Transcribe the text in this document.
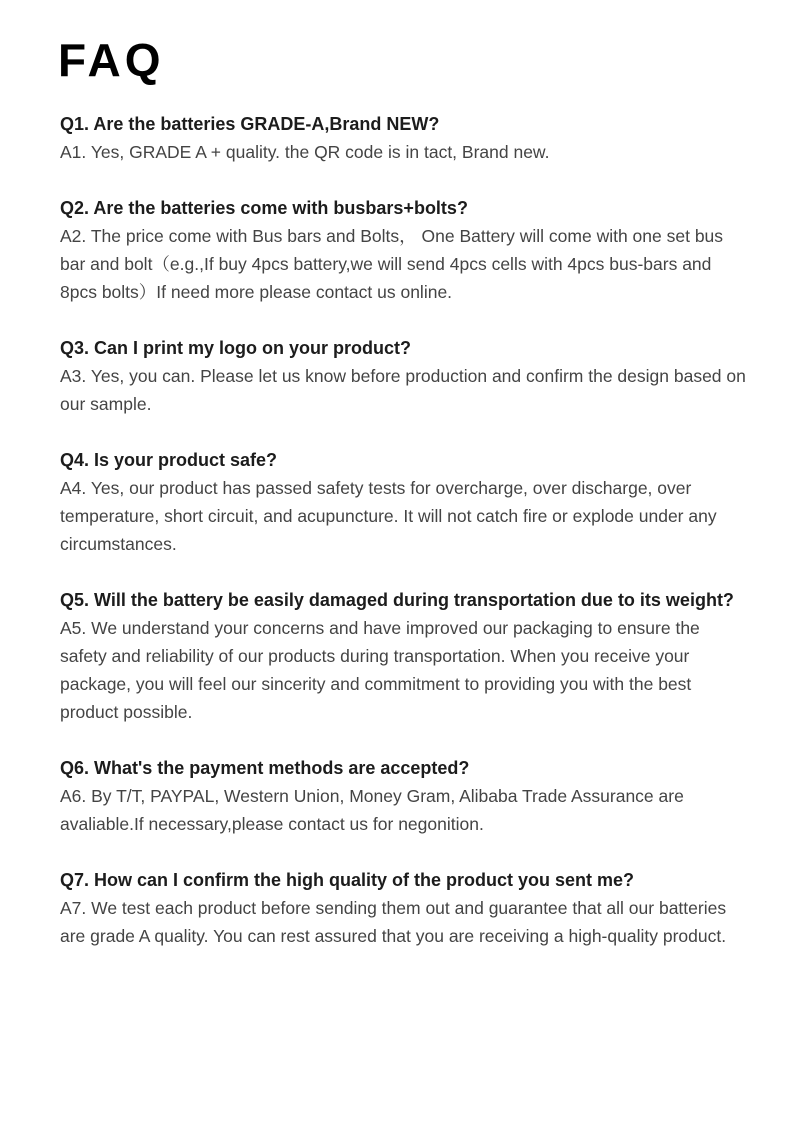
FAQ

Q1. Are the batteries GRADE-A,Brand NEW?

A1. Yes, GRADE A + quality. the QR code is in tact, Brand new.

Q2. Are the batteries come with busbars+bolts?

A2. The price come with Bus bars and Bolts， One Battery will come with one set bus bar and bolt（e.g.,If buy 4pcs battery,we will send 4pcs cells with 4pcs bus-bars and 8pcs bolts）If need more please contact us online.

Q3. Can I print my logo on your product?

A3. Yes, you can. Please let us know before production and confirm the design based on our sample.

Q4. Is your product safe?

A4. Yes, our product has passed safety tests for overcharge, over discharge, over temperature, short circuit, and acupuncture. It will not catch fire or explode under any circumstances.

Q5. Will the battery be easily damaged during transportation due to its weight?

A5. We understand your concerns and have improved our packaging to ensure the safety and reliability of our products during transportation. When you receive your package, you will feel our sincerity and commitment to providing you with the best product possible.

Q6. What's the payment methods are accepted?

A6. By T/T, PAYPAL, Western Union, Money Gram, Alibaba Trade Assurance are avaliable.If necessary,please contact us for negonition.

Q7. How can I confirm the high quality of the product you sent me?

A7. We test each product before sending them out and guarantee that all our batteries are grade A quality. You can rest assured that you are receiving a high-quality product.
